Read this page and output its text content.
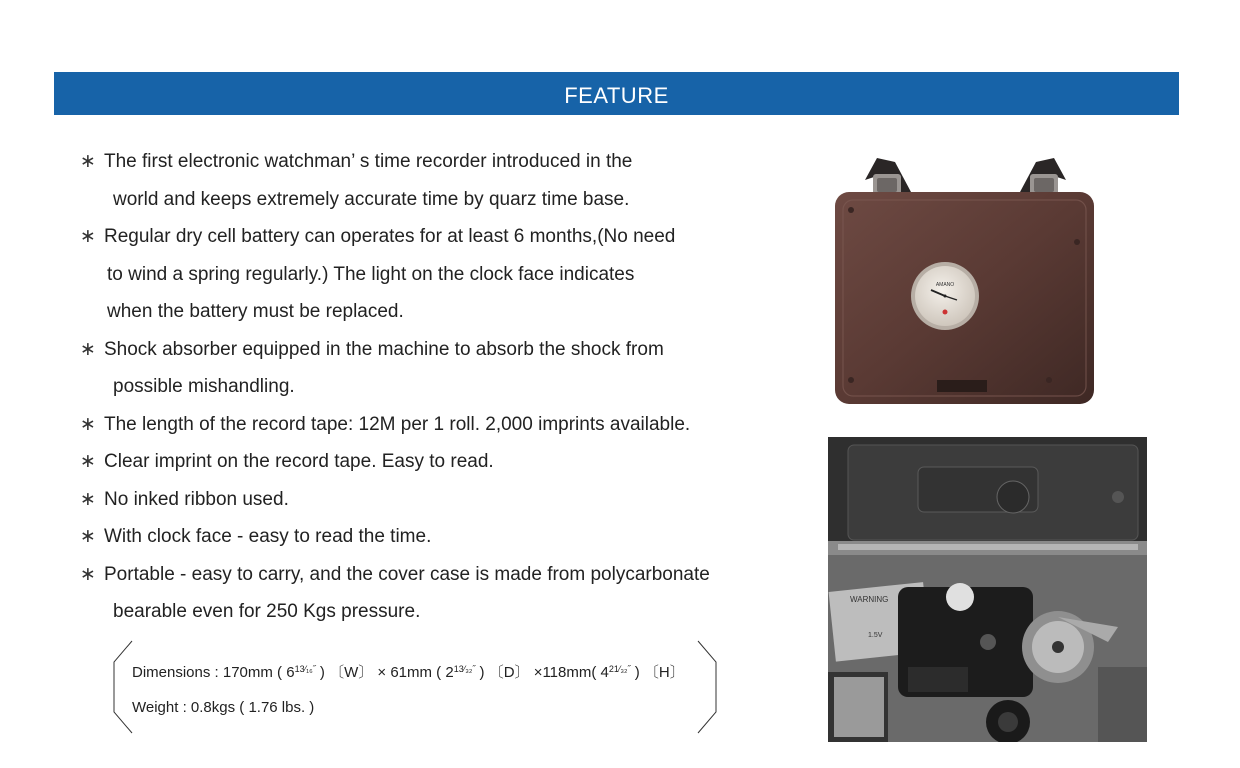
FEATURE
∗ The first electronic watchman’ s time recorder introduced in the
world and keeps extremely accurate time by quarz time base.
∗ Regular dry cell battery can operates for at least 6 months,(No need
to wind a spring regularly.) The light on the clock face indicates
when the battery must be replaced.
∗ Shock absorber equipped in the machine to absorb the shock from
possible mishandling.
∗ The length of the record tape: 12M per 1 roll. 2,000 imprints available.
∗ Clear imprint on the record tape. Easy to read.
∗ No inked ribbon used.
∗ With clock face - easy to read the time.
∗ Portable - easy to carry, and the cover case is made from polycarbonate
bearable even for 250 Kgs pressure.
Dimensions : 170mm ( $6^{13⁄_{16}˝}$ ) 〔W〕 × 61mm ( $2^{13⁄_{32}˝}$ ) 〔D〕 ×118mm( $4^{21⁄_{32}˝}$ ) 〔H〕
Weight : 0.8kgs ( 1.76 lbs. )
AMANO
WARNING
1.5V
